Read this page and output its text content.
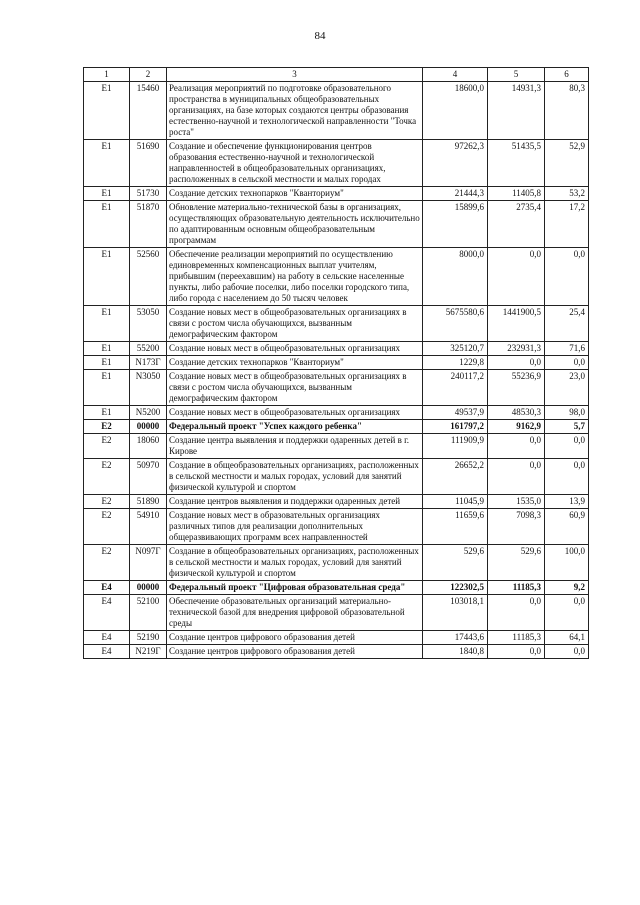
84
1	2	3	4	5	6
E1	15460	Реализация мероприятий по подготовке образовательного пространства в муниципальных общеобразовательных организациях, на базе которых создаются центры образования естественно-научной и технологической направленности "Точка роста"	18600,0	14931,3	80,3
E1	51690	Создание и обеспечение функционирования центров образования естественно-научной и технологической направленностей в общеобразовательных организациях, расположенных в сельской местности и малых городах	97262,3	51435,5	52,9
E1	51730	Создание детских технопарков "Кванториум"	21444,3	11405,8	53,2
E1	51870	Обновление материально-технической базы в организациях, осуществляющих образовательную деятельность исключительно по адаптированным основным общеобразовательным программам	15899,6	2735,4	17,2
E1	52560	Обеспечение реализации мероприятий по осуществлению единовременных компенсационных выплат учителям, прибывшим (переехавшим) на работу в сельские населенные пункты, либо рабочие поселки, либо поселки городского типа, либо города с населением до 50 тысяч человек	8000,0	0,0	0,0
E1	53050	Создание новых мест в общеобразовательных организациях в связи с ростом числа обучающихся, вызванным демографическим фактором	5675580,6	1441900,5	25,4
E1	55200	Создание новых мест в общеобразовательных организациях	325120,7	232931,3	71,6
E1	N173Г	Создание детских технопарков "Кванториум"	1229,8	0,0	0,0
E1	N3050	Создание новых мест в общеобразовательных организациях в связи с ростом числа обучающихся, вызванным демографическим фактором	240117,2	55236,9	23,0
E1	N5200	Создание новых мест в общеобразовательных организациях	49537,9	48530,3	98,0
E2	00000	Федеральный проект "Успех каждого ребенка"	161797,2	9162,9	5,7
E2	18060	Создание центра выявления и поддержки одаренных детей в г. Кирове	111909,9	0,0	0,0
E2	50970	Создание в общеобразовательных организациях, расположенных в сельской местности и малых городах, условий для занятий физической культурой и спортом	26652,2	0,0	0,0
E2	51890	Создание центров выявления и поддержки одаренных детей	11045,9	1535,0	13,9
E2	54910	Создание новых мест в образовательных организациях различных типов для реализации дополнительных общеразвивающих программ всех направленностей	11659,6	7098,3	60,9
E2	N097Г	Создание в общеобразовательных организациях, расположенных в сельской местности и малых городах, условий для занятий физической культурой и спортом	529,6	529,6	100,0
E4	00000	Федеральный проект "Цифровая образовательная среда"	122302,5	11185,3	9,2
E4	52100	Обеспечение образовательных организаций материально-технической базой для внедрения цифровой образовательной среды	103018,1	0,0	0,0
E4	52190	Создание центров цифрового образования детей	17443,6	11185,3	64,1
E4	N219Г	Создание центров цифрового образования детей	1840,8	0,0	0,0
